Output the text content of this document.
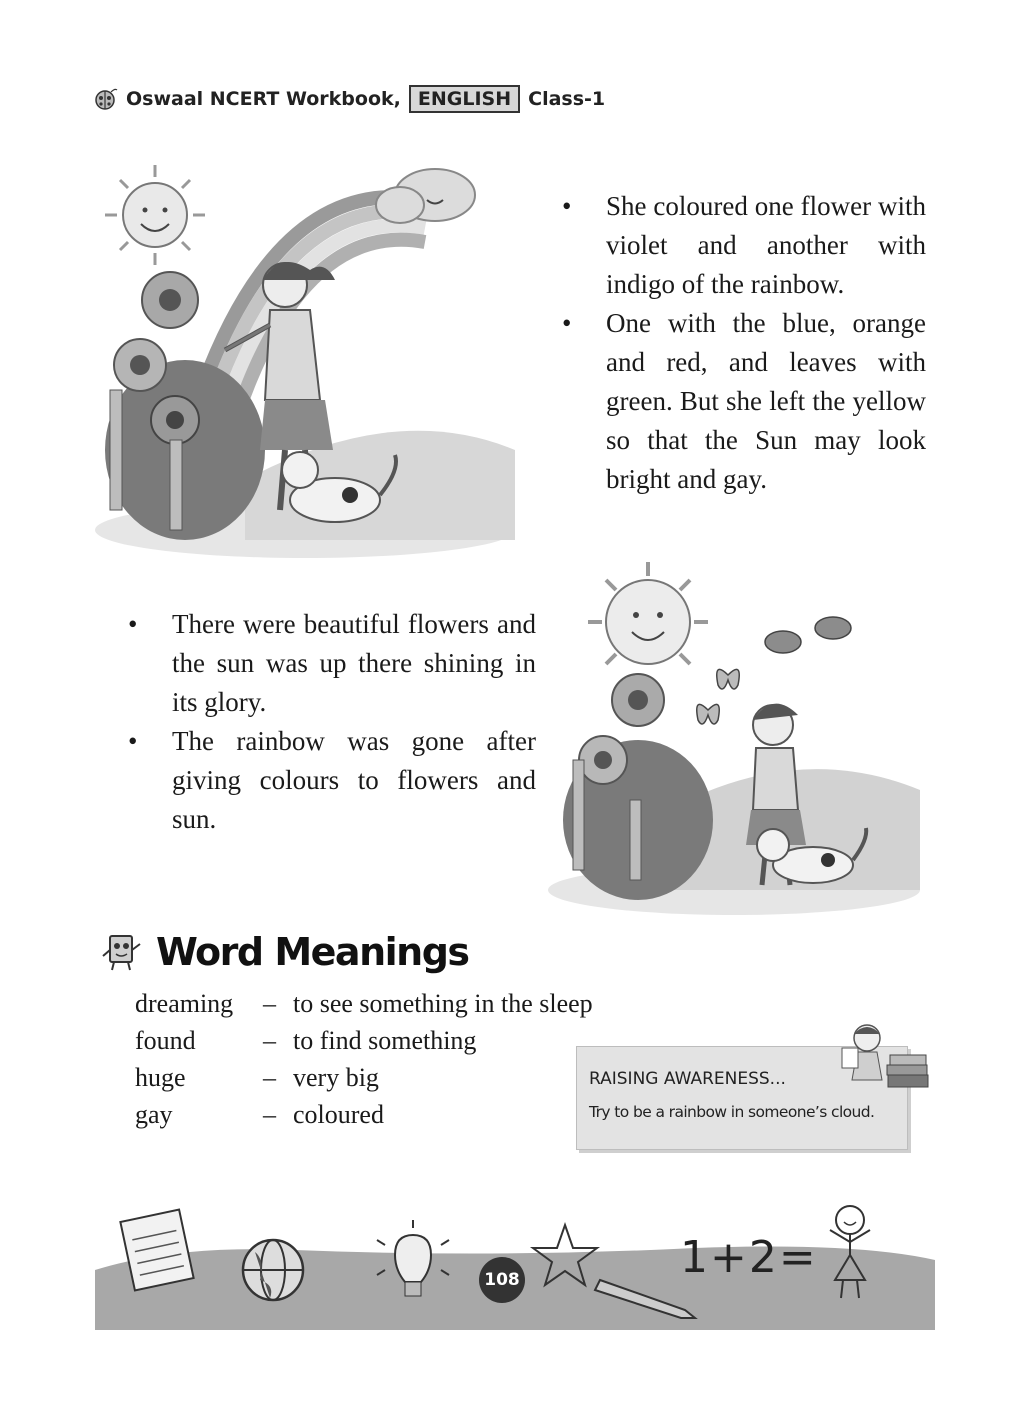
Oswaal NCERT Workbook, ENGLISH Class-1
• She coloured one flower with violet and another with indigo of the rainbow.
• One with the blue, orange and red, and leaves with green. But she left the yellow so that the Sun may look bright and gay.
• There were beautiful flowers and the sun was up there shining in its glory.
• The rainbow was gone after giving colours to flowers and sun.
Word Meanings
dreaming	–	to see something in the sleep
found	–	to find something
huge	–	very big
gay	–	coloured
RAISING AWARENESS...
Try to be a rainbow in someone’s cloud.
108	1+2=
